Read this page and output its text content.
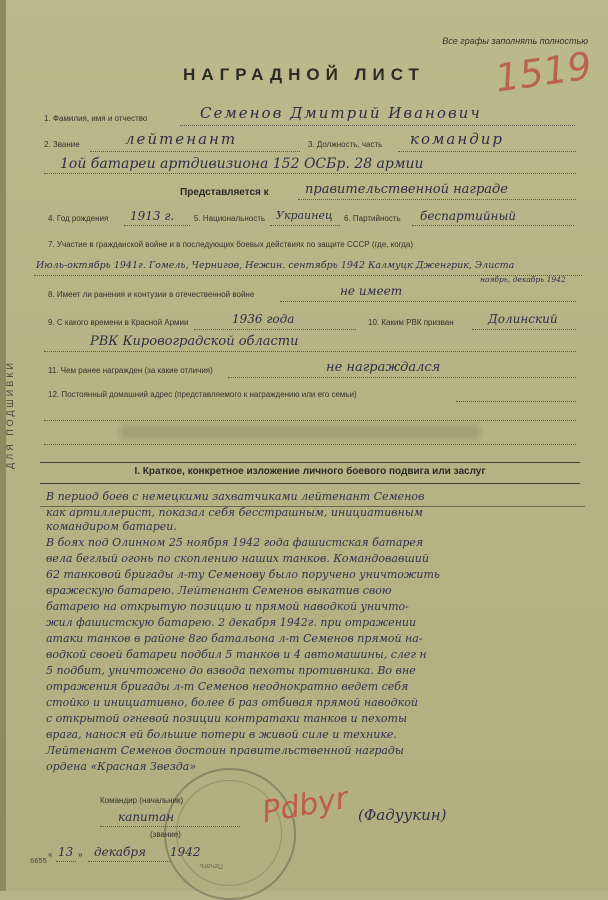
Все графы заполнять полностью
1519
НАГРАДНОЙ ЛИСТ
ДЛЯ ПОДШИВКИ
1. Фамилия, имя и отчество	Семенов Дмитрий Иванович
2. Звание	лейтенант	3. Должность, часть командир
1ой батареи артдивизиона 152 ОСБр. 28 армии
Представляется к	правительственной награде
4. Год рождения 1913 г. 5. Национальность Украинец 6. Партийность беспартийный
7. Участие в гражданской войне и в последующих боевых действиях по защите СССР (где, когда)
Июль-октябрь 1941г. Гомель, Чернигов, Нежин. сентябрь 1942 Калмуцк Дженгрик, Элиста
ноябрь, декабрь 1942
8. Имеет ли ранения и контузии в отечественной войне	не имеет
9. С какого времени в Красной Армии	1936 года	10. Каким РВК призван	Долинский
РВК Кировоградской области
11. Чем ранее награжден (за какие отличия)	не награждался
12. Постоянный домашний адрес (представляемого к награждению или его семьи)
I. Краткое, конкретное изложение личного боевого подвига или заслуг
В период боев с немецкими захватчиками лейтенант Семенов
как артиллерист, показал себя бесстрашным, инициативным
командиром батареи.
В боях под Олинном 25 ноября 1942 года фашистская батарея
вела беглый огонь по скоплению наших танков. Командовавший
62 танковой бригады л-ту Семенову было поручено уничтожить
вражескую батарею. Лейтенант Семенов выкатив свою
батарею на открытую позицию и прямой наводкой уничто-
жил фашистскую батарею. 2 декабря 1942г. при отражении
атаки танков в районе 8го батальона л-т Семенов прямой на-
водкой своей батареи подбил 5 танков и 4 автомашины, слег н
5 подбит, уничтожено до взвода пехоты противника. Во вне
отражения бригады л-т Семенов неоднократно ведет себя
стойко и инициативно, более 6 раз отбивая прямой наводкой
с открытой огневой позиции контратаки танков и пехоты
врага, нанося ей большие потери в живой силе и технике.
Лейтенант Семенов достоин правительственной награды
ордена «Красная Звезда»
Печать
Командир (начальник)
капитан
(звание)
Pdbyr (Фадуукин)
« 13 » декабря 1942
6655
